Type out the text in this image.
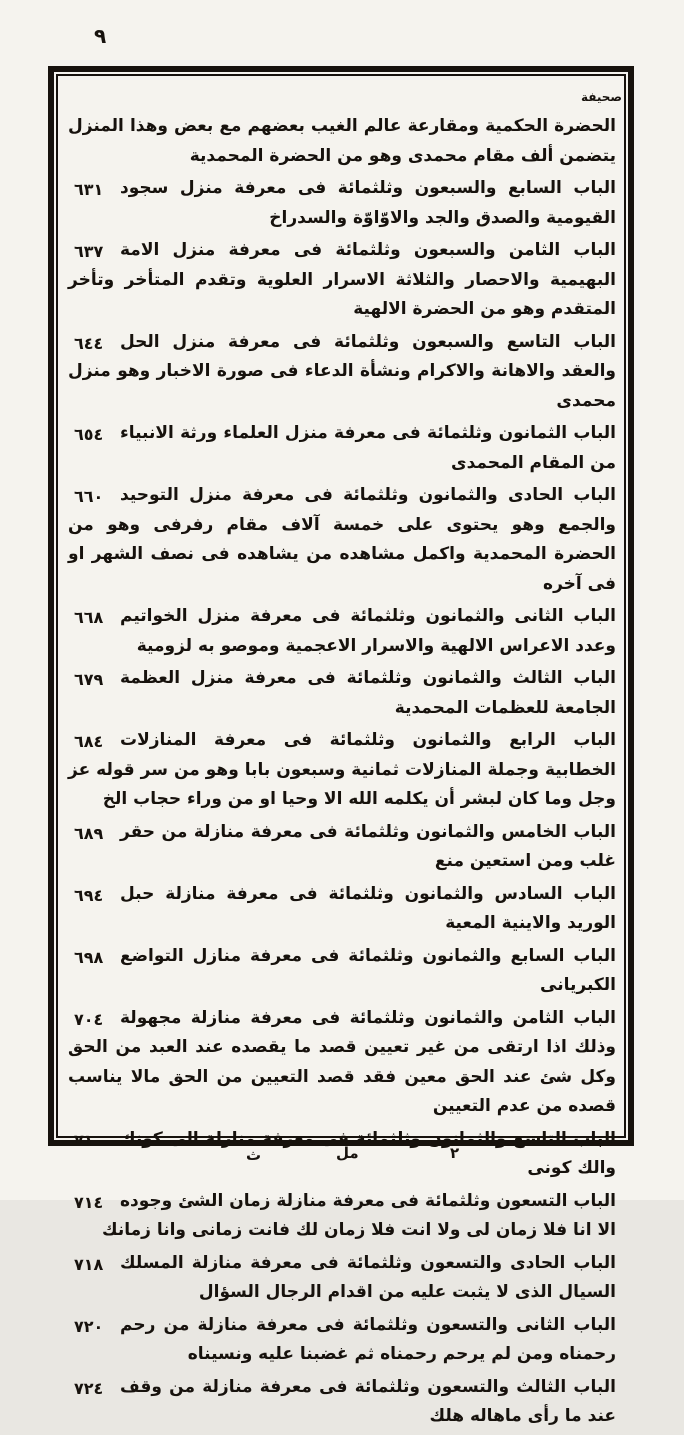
٩
صحيفة

الحضرة الحكمية ومقارعة عالم الغيب بعضهم مع بعض وهذا المنزل يتضمن ألف مقام محمدى وهو من الحضرة المحمدية

٦٣١ الباب السابع والسبعون وثلثمائة فى معرفة منزل سجود القيومية والصدق والجد والاوّاوّة والسدراخ

٦٣٧ الباب الثامن والسبعون وثلثمائة فى معرفة منزل الامة البهيمية والاحصار والثلاثة الاسرار العلوية وتقدم المتأخر وتأخر المتقدم وهو من الحضرة الالهية

٦٤٤ الباب التاسع والسبعون وثلثمائة فى معرفة منزل الحل والعقد والاهانة والاكرام ونشأة الدعاء فى صورة الاخبار وهو منزل محمدى

٦٥٤ الباب الثمانون وثلثمائة فى معرفة منزل العلماء ورثة الانبياء من المقام المحمدى

٦٦٠ الباب الحادى والثمانون وثلثمائة فى معرفة منزل التوحيد والجمع وهو يحتوى على خمسة آلاف مقام رفرفى وهو من الحضرة المحمدية واكمل مشاهده من يشاهده فى نصف الشهر او فى آخره

٦٦٨ الباب الثانى والثمانون وثلثمائة فى معرفة منزل الخواتيم وعدد الاعراس الالهية والاسرار الاعجمية وموصو به لزومية

٦٧٩ الباب الثالث والثمانون وثلثمائة فى معرفة منزل العظمة الجامعة للعظمات المحمدية

٦٨٤ الباب الرابع والثمانون وثلثمائة فى معرفة المنازلات الخطابية وجملة المنازلات ثمانية وسبعون بابا وهو من سر قوله عز وجل وما كان لبشر أن يكلمه الله الا وحيا او من وراء حجاب الخ

٦٨٩ الباب الخامس والثمانون وثلثمائة فى معرفة منازلة من حقر غلب ومن استعين منع

٦٩٤ الباب السادس والثمانون وثلثمائة فى معرفة منازلة حبل الوريد والاينية المعية

٦٩٨ الباب السابع والثمانون وثلثمائة فى معرفة منازل التواضع الكبريانى

٧٠٤ الباب الثامن والثمانون وثلثمائة فى معرفة منازلة مجهولة وذلك اذا ارتقى من غير تعيين قصد ما يقصده عند العبد من الحق وكل شئ عند الحق معين فقد قصد التعيين من الحق مالا يناسب قصده من عدم التعيين

٧١٠ الباب التاسع والثمانون وثلثمائة فى معرفة منازلة الى كونك والك كونى

٧١٤ الباب التسعون وثلثمائة فى معرفة منازلة زمان الشئ وجوده الا انا فلا زمان لى ولا انت فلا زمان لك فانت زمانى وانا زمانك

٧١٨ الباب الحادى والتسعون وثلثمائة فى معرفة منازلة المسلك السيال الذى لا يثبت عليه من اقدام الرجال السؤال

٧٢٠ الباب الثانى والتسعون وثلثمائة فى معرفة منازلة من رحم رحمناه ومن لم يرحم رحمناه ثم غضبنا عليه ونسيناه

٧٢٤ الباب الثالث والتسعون وثلثمائة فى معرفة منازلة من وقف عند ما رأى ماهاله هلك

ث	مل	٢
